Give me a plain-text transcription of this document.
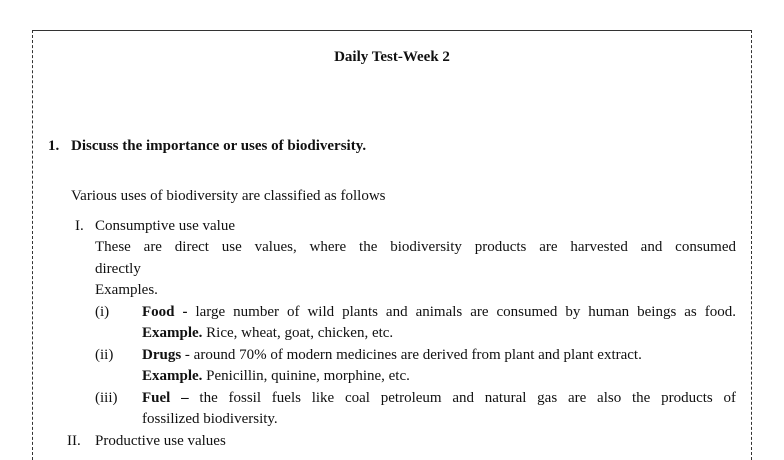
Daily Test-Week 2
1. Discuss the importance or uses of biodiversity.
Various uses of biodiversity are classified as follows
I. Consumptive use value
These are direct use values, where the biodiversity products are harvested and consumed
directly
Examples.
(i) Food - large number of wild plants and animals are consumed by human beings as food.
Example. Rice, wheat, goat, chicken, etc.
(ii) Drugs - around 70% of modern medicines are derived from plant and plant extract.
Example. Penicillin, quinine, morphine, etc.
(iii) Fuel – the fossil fuels like coal petroleum and natural gas are also the products of
fossilized biodiversity.
II. Productive use values
